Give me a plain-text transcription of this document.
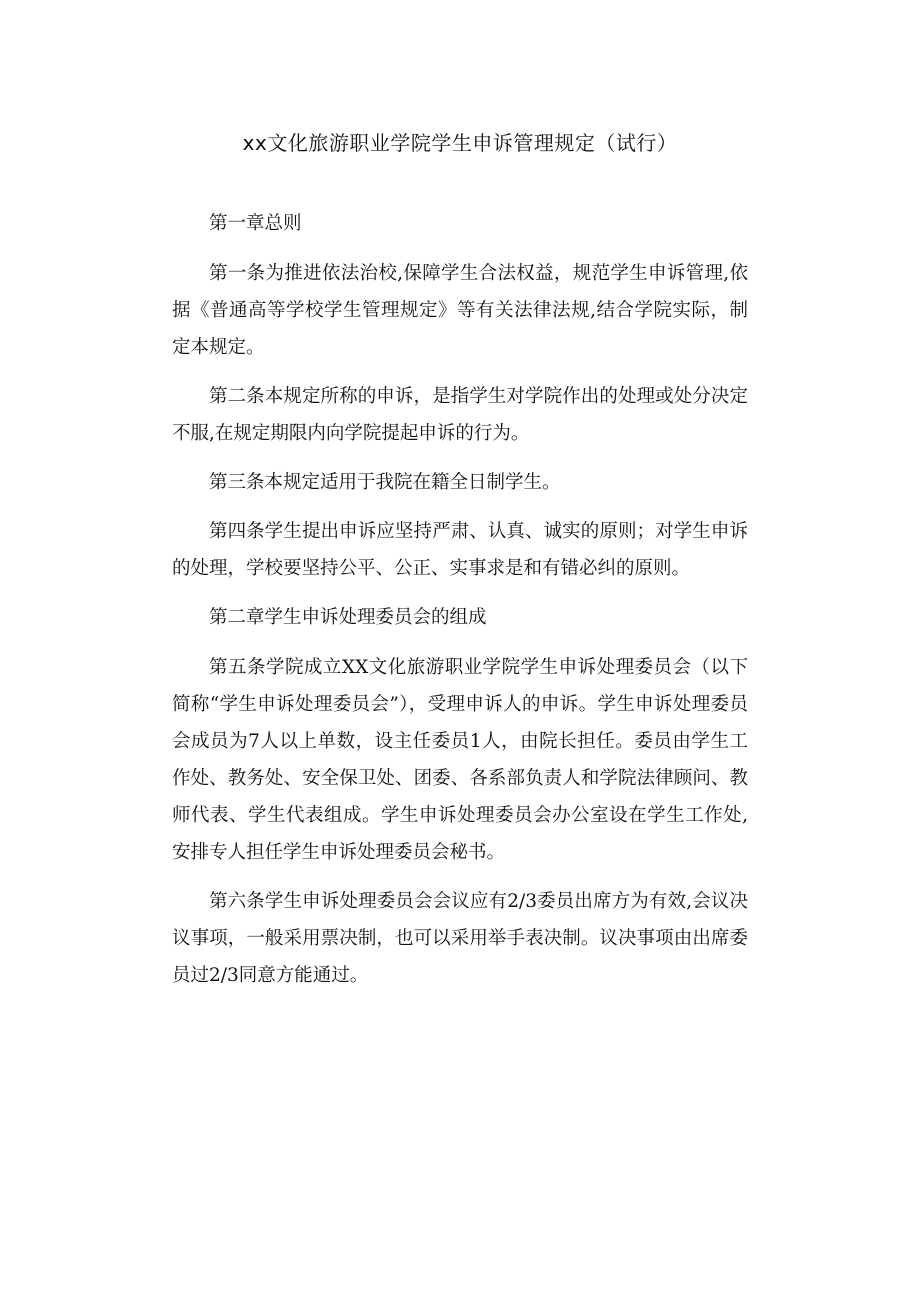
xx文化旅游职业学院学生申诉管理规定（试行）

第一章总则

第一条为推进依法治校,保障学生合法权益，规范学生申诉管理,依据《普通高等学校学生管理规定》等有关法律法规,结合学院实际，制定本规定。

第二条本规定所称的申诉，是指学生对学院作出的处理或处分决定不服,在规定期限内向学院提起申诉的行为。

第三条本规定适用于我院在籍全日制学生。

第四条学生提出申诉应坚持严肃、认真、诚实的原则；对学生申诉的处理，学校要坚持公平、公正、实事求是和有错必纠的原则。

第二章学生申诉处理委员会的组成

第五条学院成立XX文化旅游职业学院学生申诉处理委员会（以下简称“学生申诉处理委员会”），受理申诉人的申诉。学生申诉处理委员会成员为7人以上单数，设主任委员1人，由院长担任。委员由学生工作处、教务处、安全保卫处、团委、各系部负责人和学院法律顾问、教师代表、学生代表组成。学生申诉处理委员会办公室设在学生工作处,安排专人担任学生申诉处理委员会秘书。

第六条学生申诉处理委员会会议应有2/3委员出席方为有效,会议决议事项，一般采用票决制，也可以采用举手表决制。议决事项由出席委员过2/3同意方能通过。
